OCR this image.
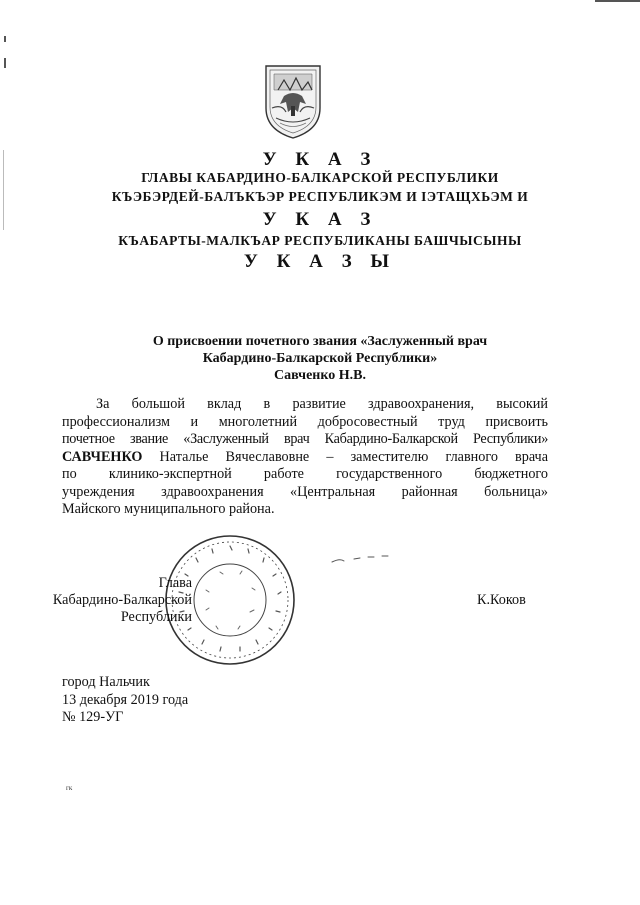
У К А З
ГЛАВЫ КАБАРДИНО-БАЛКАРСКОЙ РЕСПУБЛИКИ
КЪЭБЭРДЕЙ-БАЛЪКЪЭР РЕСПУБЛИКЭМ И ІЭТАЩХЬЭМ И
У К А З
КЪАБАРТЫ-МАЛКЪАР РЕСПУБЛИКАНЫ БАШЧЫСЫНЫ
У К А З Ы
О присвоении почетного звания «Заслуженный врач
Кабардино-Балкарской Республики»
Савченко Н.В.
За большой вклад в развитие здравоохранения, высокий
профессионализм и многолетний добросовестный труд присвоить
почетное звание «Заслуженный врач Кабардино-Балкарской Республики»
САВЧЕНКО Наталье Вячеславовне – заместителю главного врача
по клинико-экспертной работе государственного бюджетного
учреждения здравоохранения «Центральная районная больница»
Майского муниципального района.
Глава
Кабардино-Балкарской
Республики
К.Коков
город Нальчик
13 декабря 2019 года
№ 129-УГ
гк
